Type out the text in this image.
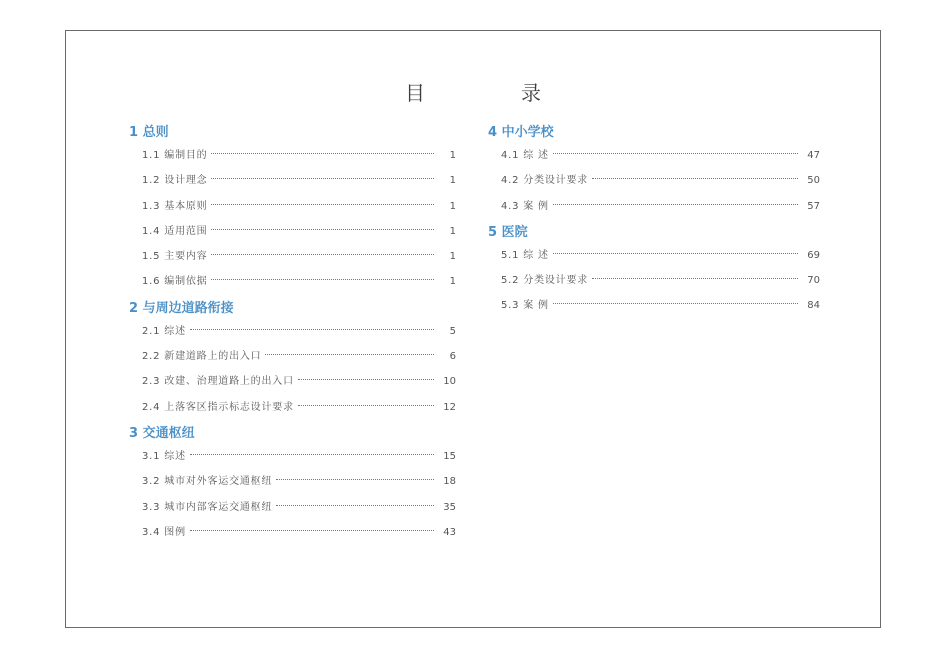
目　录
1 总则
1.1 编制目的	1
1.2 设计理念	1
1.3 基本原则	1
1.4 适用范围	1
1.5 主要内容	1
1.6 编制依据	1
2 与周边道路衔接
2.1 综述	5
2.2 新建道路上的出入口	6
2.3 改建、治理道路上的出入口	10
2.4 上落客区指示标志设计要求	12
3 交通枢纽
3.1 综述	15
3.2 城市对外客运交通枢纽	18
3.3 城市内部客运交通枢纽	35
3.4 图例	43
4 中小学校
4.1 综 述	47
4.2 分类设计要求	50
4.3 案 例	57
5 医院
5.1 综 述	69
5.2 分类设计要求	70
5.3 案 例	84
